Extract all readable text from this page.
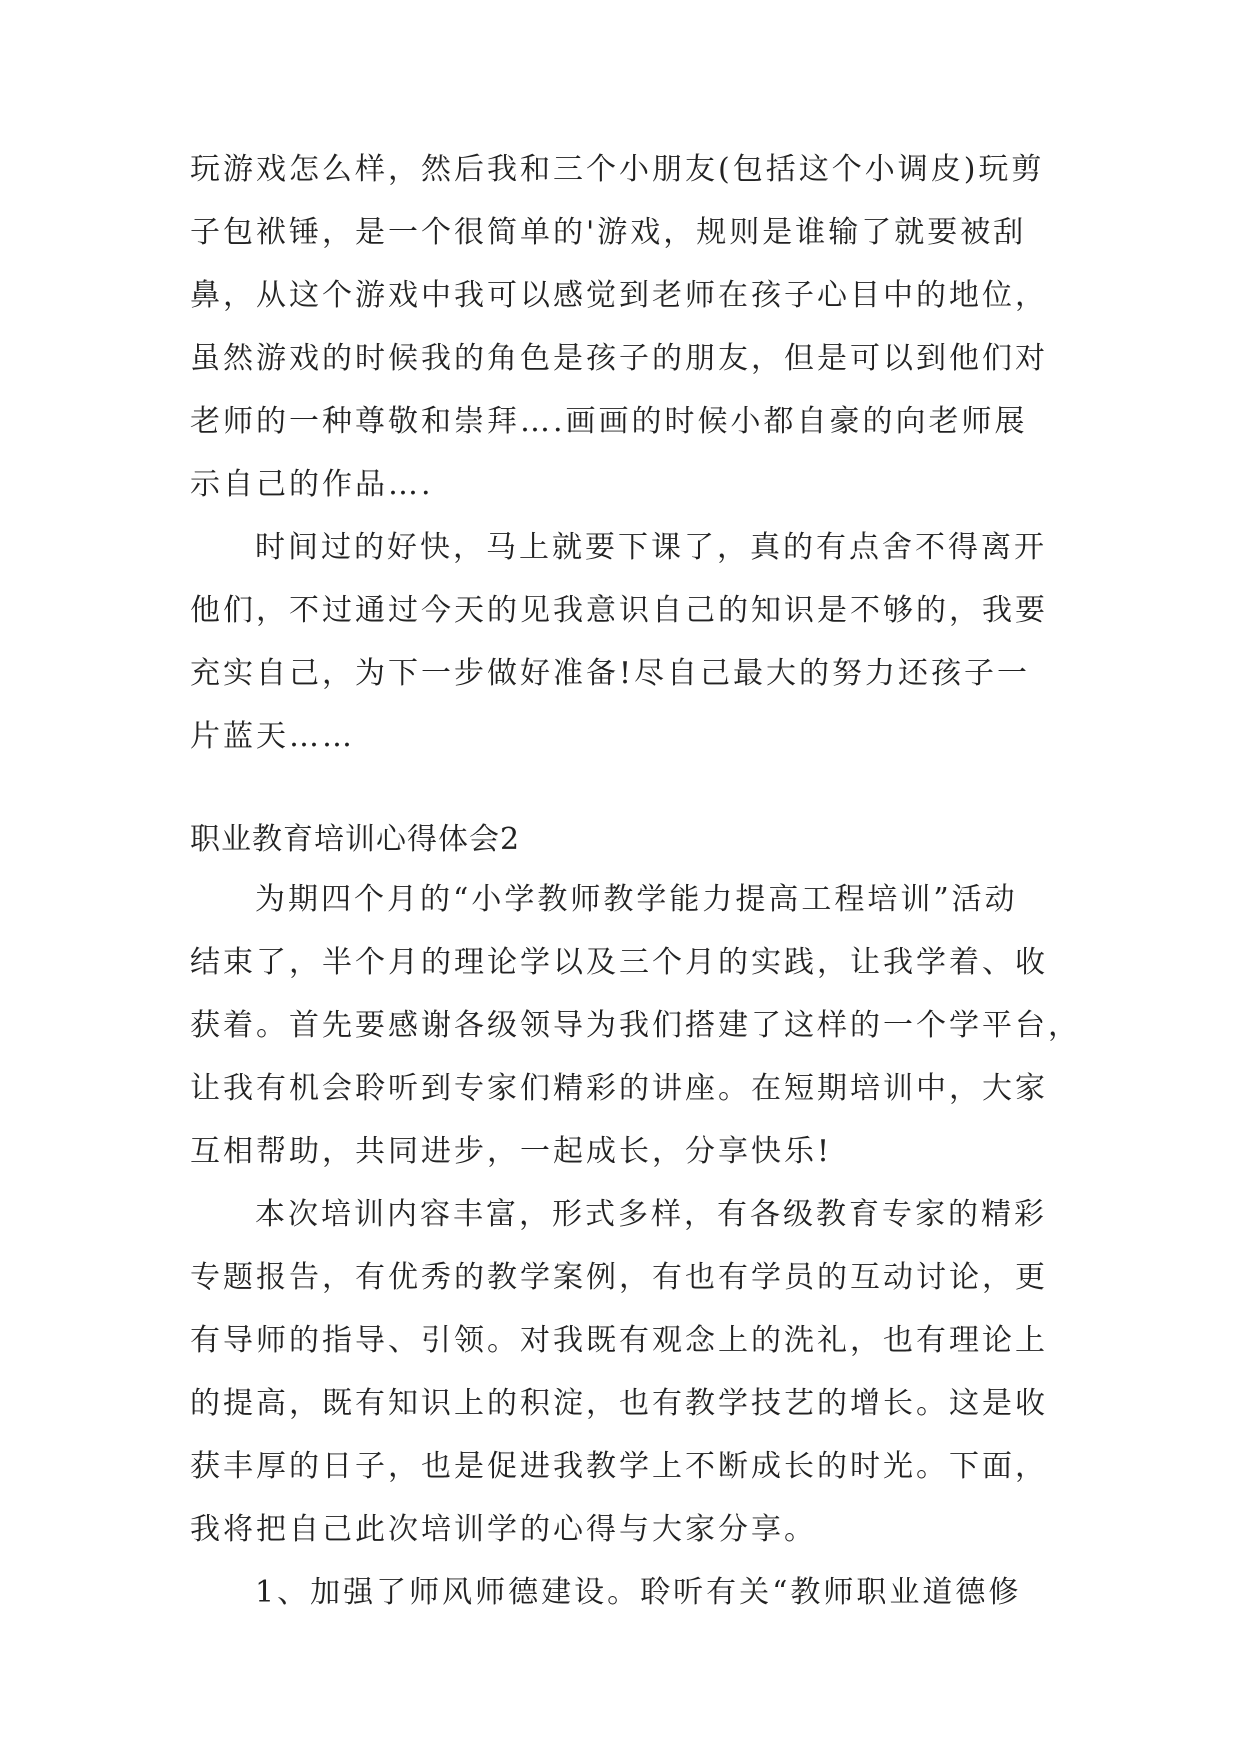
玩游戏怎么样，然后我和三个小朋友(包括这个小调皮)玩剪
子包袱锤，是一个很简单的'游戏，规则是谁输了就要被刮
鼻，从这个游戏中我可以感觉到老师在孩子心目中的地位，
虽然游戏的时候我的角色是孩子的朋友，但是可以到他们对
老师的一种尊敬和崇拜….画画的时候小都自豪的向老师展
示自己的作品….
时间过的好快，马上就要下课了，真的有点舍不得离开
他们，不过通过今天的见我意识自己的知识是不够的，我要
充实自己，为下一步做好准备!尽自己最大的努力还孩子一
片蓝天……
职业教育培训心得体会2
为期四个月的“小学教师教学能力提高工程培训”活动
结束了，半个月的理论学以及三个月的实践，让我学着、收
获着。首先要感谢各级领导为我们搭建了这样的一个学平台，
让我有机会聆听到专家们精彩的讲座。在短期培训中，大家
互相帮助，共同进步，一起成长，分享快乐!
本次培训内容丰富，形式多样，有各级教育专家的精彩
专题报告，有优秀的教学案例，有也有学员的互动讨论，更
有导师的指导、引领。对我既有观念上的洗礼，也有理论上
的提高，既有知识上的积淀，也有教学技艺的增长。这是收
获丰厚的日子，也是促进我教学上不断成长的时光。下面，
我将把自己此次培训学的心得与大家分享。
1、加强了师风师德建设。聆听有关“教师职业道德修
